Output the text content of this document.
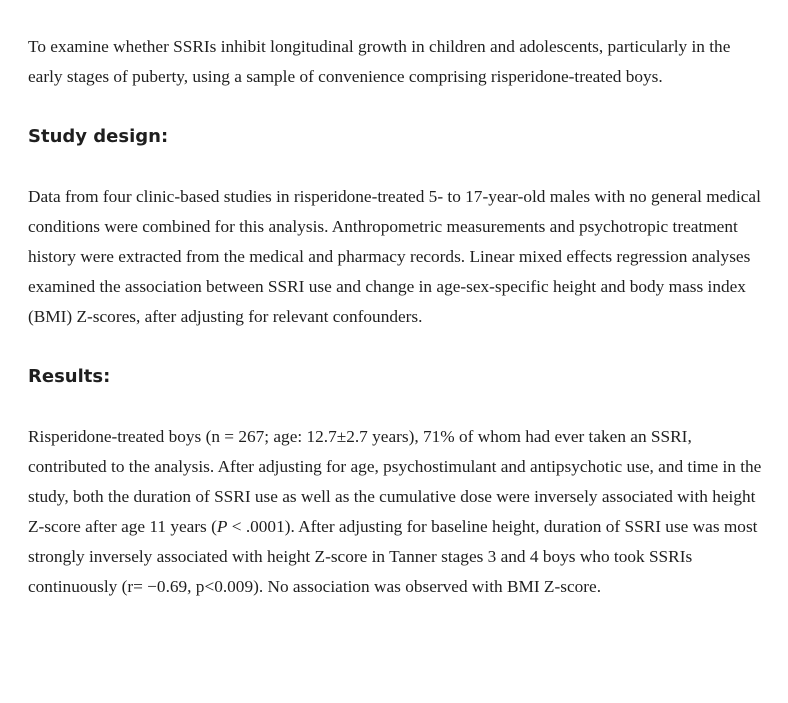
To examine whether SSRIs inhibit longitudinal growth in children and adolescents, particularly in the early stages of puberty, using a sample of convenience comprising risperidone-treated boys.

Study design:

Data from four clinic-based studies in risperidone-treated 5- to 17-year-old males with no general medical conditions were combined for this analysis. Anthropometric measurements and psychotropic treatment history were extracted from the medical and pharmacy records. Linear mixed effects regression analyses examined the association between SSRI use and change in age-sex-specific height and body mass index (BMI) Z-scores, after adjusting for relevant confounders.

Results:

Risperidone-treated boys (n = 267; age: 12.7±2.7 years), 71% of whom had ever taken an SSRI, contributed to the analysis. After adjusting for age, psychostimulant and antipsychotic use, and time in the study, both the duration of SSRI use as well as the cumulative dose were inversely associated with height Z-score after age 11 years (P < .0001). After adjusting for baseline height, duration of SSRI use was most strongly inversely associated with height Z-score in Tanner stages 3 and 4 boys who took SSRIs continuously (r= −0.69, p<0.009). No association was observed with BMI Z-score.
